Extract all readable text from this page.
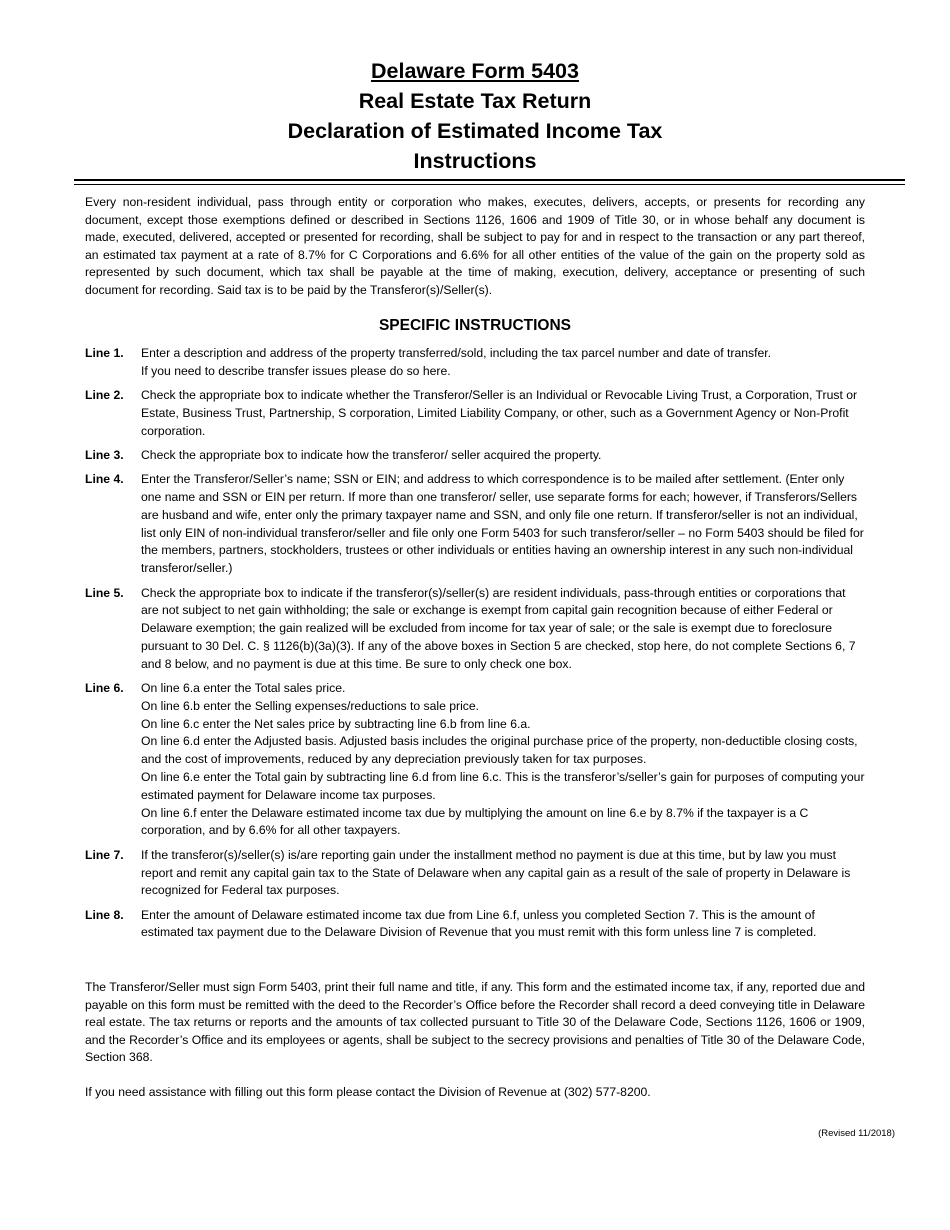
Delaware Form 5403
Real Estate Tax Return
Declaration of Estimated Income Tax
Instructions
Every non-resident individual, pass through entity or corporation who makes, executes, delivers, accepts, or presents for recording any document, except those exemptions defined or described in Sections 1126, 1606 and 1909 of Title 30, or in whose behalf any document is made, executed, delivered, accepted or presented for recording, shall be subject to pay for and in respect to the transaction or any part thereof, an estimated tax payment at a rate of 8.7% for C Corporations and 6.6% for all other entities of the value of the gain on the property sold as represented by such document, which tax shall be payable at the time of making, execution, delivery, acceptance or presenting of such document for recording. Said tax is to be paid by the Transferor(s)/Seller(s).
SPECIFIC INSTRUCTIONS
Line 1.	Enter a description and address of the property transferred/sold, including the tax parcel number and date of transfer.

If you need to describe transfer issues please do so here.

Line 2.	Check the appropriate box to indicate whether the Transferor/Seller is an Individual or Revocable Living Trust, a Corporation, Trust or Estate, Business Trust, Partnership, S corporation, Limited Liability Company, or other, such as a Government Agency or Non-Profit corporation.

Line 3.	Check the appropriate box to indicate how the transferor/ seller acquired the property.

Line 4.	Enter the Transferor/Seller’s name; SSN or EIN; and address to which correspondence is to be mailed after settlement. (Enter only one name and SSN or EIN per return. If more than one transferor/ seller, use separate forms for each; however, if Transferors/Sellers are husband and wife, enter only the primary taxpayer name and SSN, and only file one return. If transferor/seller is not an individual, list only EIN of non-individual transferor/seller and file only one Form 5403 for such transferor/seller – no Form 5403 should be filed for the members, partners, stockholders, trustees or other individuals or entities having an ownership interest in any such non-individual transferor/seller.)

Line 5.	Check the appropriate box to indicate if the transferor(s)/seller(s) are resident individuals, pass-through entities or corporations that are not subject to net gain withholding; the sale or exchange is exempt from capital gain recognition because of either Federal or Delaware exemption; the gain realized will be excluded from income for tax year of sale; or the sale is exempt due to foreclosure pursuant to 30 Del. C. § 1126(b)(3a)(3). If any of the above boxes in Section 5 are checked, stop here, do not complete Sections 6, 7 and 8 below, and no payment is due at this time. Be sure to only check one box.

Line 6.	On line 6.a enter the Total sales price.

On line 6.b enter the Selling expenses/reductions to sale price.

On line 6.c enter the Net sales price by subtracting line 6.b from line 6.a.

On line 6.d enter the Adjusted basis. Adjusted basis includes the original purchase price of the property, non-deductible closing costs, and the cost of improvements, reduced by any depreciation previously taken for tax purposes.

On line 6.e enter the Total gain by subtracting line 6.d from line 6.c. This is the transferor’s/seller’s gain for purposes of computing your estimated payment for Delaware income tax purposes.

On line 6.f enter the Delaware estimated income tax due by multiplying the amount on line 6.e by 8.7% if the taxpayer is a C corporation, and by 6.6% for all other taxpayers.

Line 7.	If the transferor(s)/seller(s) is/are reporting gain under the installment method no payment is due at this time, but by law you must report and remit any capital gain tax to the State of Delaware when any capital gain as a result of the sale of property in Delaware is recognized for Federal tax purposes.

Line 8.	Enter the amount of Delaware estimated income tax due from Line 6.f, unless you completed Section 7. This is the amount of estimated tax payment due to the Delaware Division of Revenue that you must remit with this form unless line 7 is completed.

The Transferor/Seller must sign Form 5403, print their full name and title, if any. This form and the estimated income tax, if any, reported due and payable on this form must be remitted with the deed to the Recorder’s Office before the Recorder shall record a deed conveying title in Delaware real estate. The tax returns or reports and the amounts of tax collected pursuant to Title 30 of the Delaware Code, Sections 1126, 1606 or 1909, and the Recorder’s Office and its employees or agents, shall be subject to the secrecy provisions and penalties of Title 30 of the Delaware Code, Section 368.
If you need assistance with filling out this form please contact the Division of Revenue at (302) 577-8200.
(Revised 11/2018)
